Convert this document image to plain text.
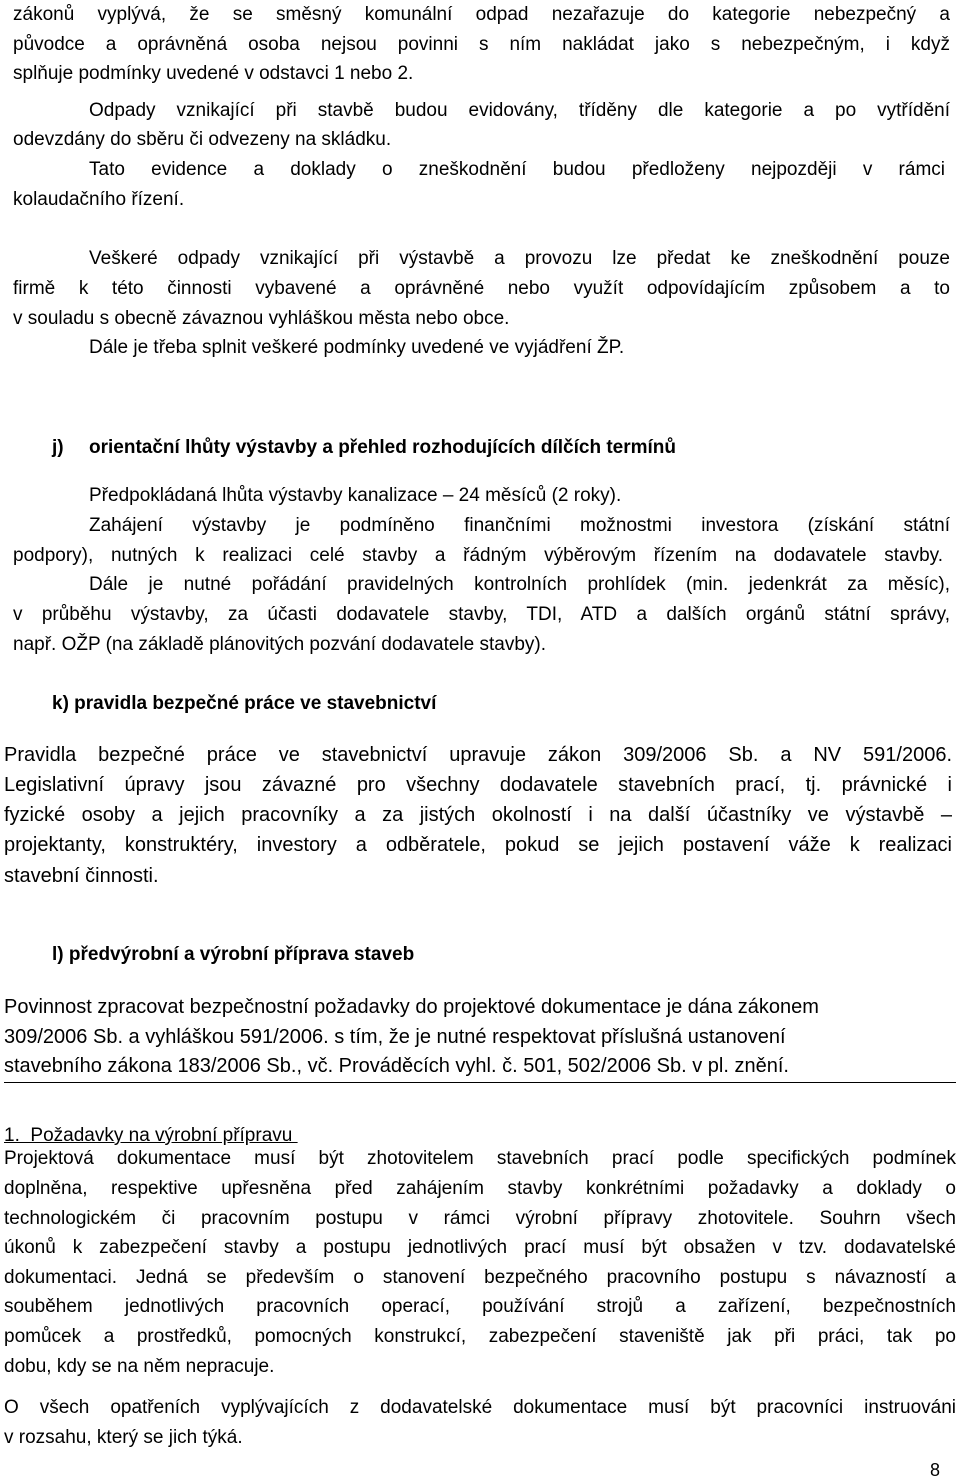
zákonů vyplývá, že se směsný komunální odpad nezařazuje do kategorie nebezpečný a
původce a oprávněná osoba nejsou povinni s ním nakládat jako s nebezpečným, i když
splňuje podmínky uvedené v odstavci 1 nebo 2.
Odpady vznikající při stavbě budou evidovány, tříděny dle kategorie a po vytřídění
odevzdány do sběru či odvezeny na skládku.
Tato evidence a doklady o zneškodnění budou předloženy nejpozději v rámci
kolaudačního řízení.
Veškeré odpady vznikající při výstavbě a provozu lze předat ke zneškodnění pouze
firmě k této činnosti vybavené a oprávněné nebo využít odpovídajícím způsobem a to
v souladu s obecně závaznou vyhláškou města nebo obce.
Dále je třeba splnit veškeré podmínky uvedené ve vyjádření ŽP.
j) orientační lhůty výstavby a přehled rozhodujících dílčích termínů
Předpokládaná lhůta výstavby kanalizace – 24 měsíců (2 roky).
Zahájení výstavby je podmíněno finančními možnostmi investora (získání státní
podpory), nutných k realizaci celé stavby a řádným výběrovým řízením na dodavatele stavby.
Dále je nutné pořádání pravidelných kontrolních prohlídek (min. jedenkrát za měsíc),
v průběhu výstavby, za účasti dodavatele stavby, TDI, ATD a dalších orgánů státní správy,
např. OŽP (na základě plánovitých pozvání dodavatele stavby).
k) pravidla bezpečné práce ve stavebnictví
Pravidla bezpečné práce ve stavebnictví upravuje zákon 309/2006 Sb. a NV 591/2006.
Legislativní úpravy jsou závazné pro všechny dodavatele stavebních prací, tj. právnické i
fyzické osoby a jejich pracovníky a za jistých okolností i na další účastníky ve výstavbě –
projektanty, konstruktéry, investory a odběratele, pokud se jejich postavení váže k realizaci
stavební činnosti.
l) předvýrobní a výrobní příprava staveb
Povinnost zpracovat bezpečnostní požadavky do projektové dokumentace je dána zákonem
309/2006 Sb. a vyhláškou 591/2006. s tím, že je nutné respektovat příslušná ustanovení
stavebního zákona 183/2006 Sb., vč. Prováděcích vyhl. č. 501, 502/2006 Sb. v pl. znění.
1.  Požadavky na výrobní přípravu
Projektová dokumentace musí být zhotovitelem stavebních prací podle specifických podmínek
doplněna, respektive upřesněna před zahájením stavby konkrétními požadavky a doklady o
technologickém či pracovním postupu v rámci výrobní přípravy zhotovitele. Souhrn všech
úkonů k zabezpečení stavby a postupu jednotlivých prací musí být obsažen v tzv. dodavatelské
dokumentaci. Jedná se především o stanovení bezpečného pracovního postupu s návazností a
souběhem jednotlivých pracovních operací, používání strojů a zařízení, bezpečnostních
pomůcek a prostředků, pomocných konstrukcí, zabezpečení staveniště jak při práci, tak po
dobu, kdy se na něm nepracuje.
O všech opatřeních vyplývajících z dodavatelské dokumentace musí být pracovníci instruováni
v rozsahu, který se jich týká.
8
